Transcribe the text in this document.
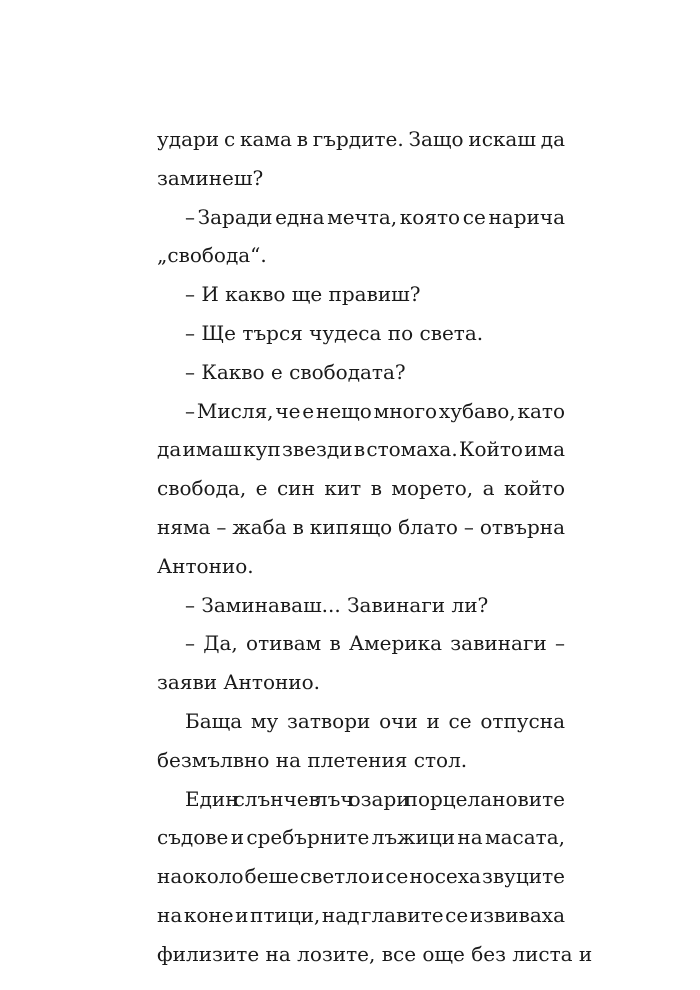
удари с кама в гърдите. Защо искаш да
заминеш?
– Заради една мечта, която се нарича
„свобода“.
– И какво ще правиш?
– Ще търся чудеса по света.
– Какво е свободата?
– Мисля, че е нещо много хубаво, като
да имаш куп звезди в стомаха. Който има
свобода, е син кит в морето, а който
няма – жаба в кипящо блато – отвърна
Антонио.
– Заминаваш... Завинаги ли?
– Да, отивам в Америка завинаги –
заяви Антонио.
Баща му затвори очи и се отпусна
безмълвно на плетения стол.
Един слънчев лъч озари порцелановите
съдове и сребърните лъжици на масата,
наоколо беше светло и се носеха звуците
на коне и птици, над главите се извиваха
филизите на лозите, все още без листа и
